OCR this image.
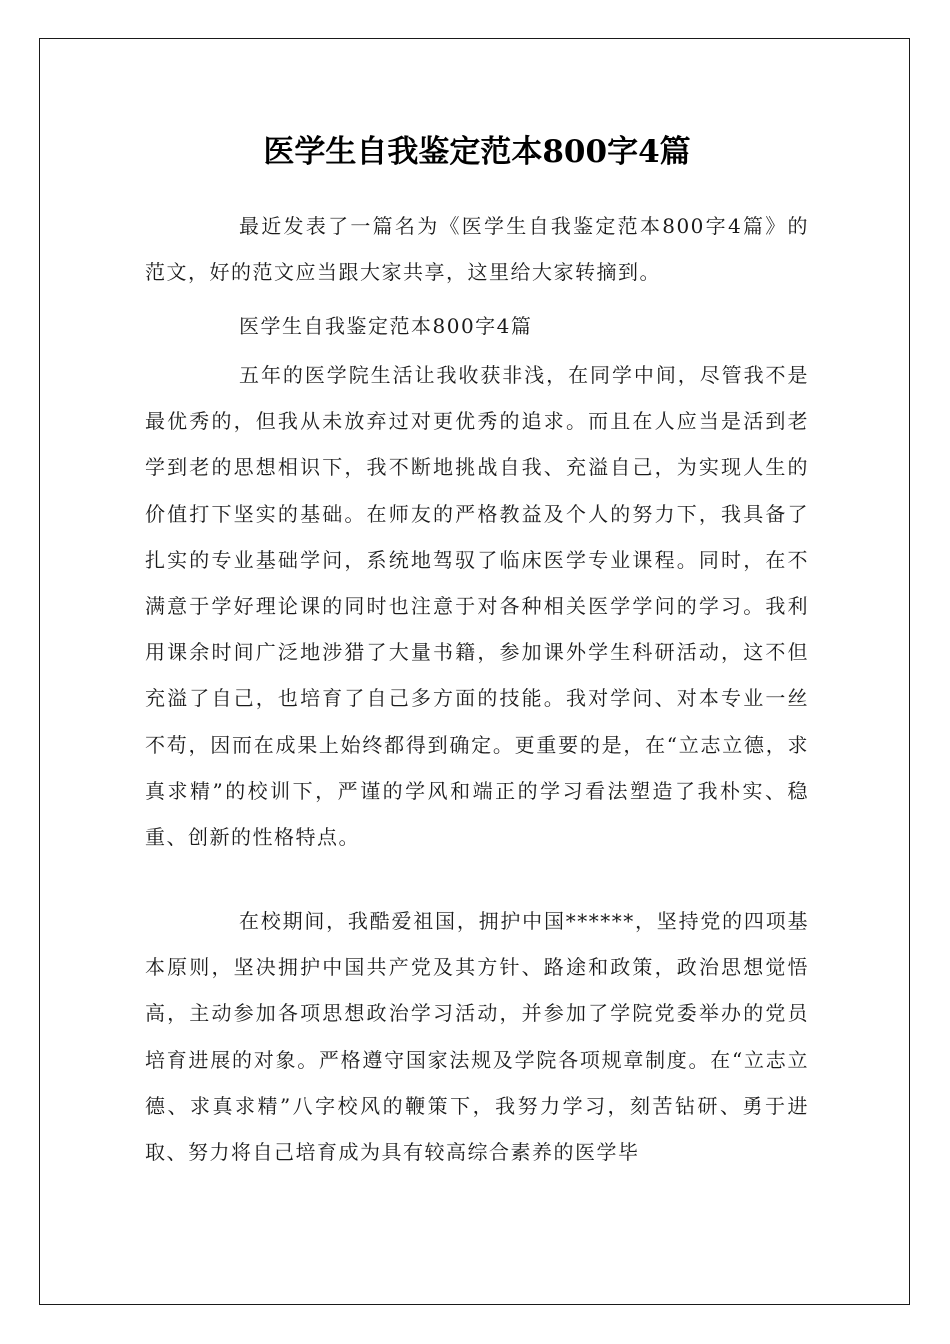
医学生自我鉴定范本800字4篇

最近发表了一篇名为《医学生自我鉴定范本800字4篇》的范文，好的范文应当跟大家共享，这里给大家转摘到。

医学生自我鉴定范本800字4篇

五年的医学院生活让我收获非浅，在同学中间，尽管我不是最优秀的，但我从未放弃过对更优秀的追求。而且在人应当是活到老学到老的思想相识下，我不断地挑战自我、充溢自己，为实现人生的价值打下坚实的基础。在师友的严格教益及个人的努力下，我具备了扎实的专业基础学问，系统地驾驭了临床医学专业课程。同时，在不满意于学好理论课的同时也注意于对各种相关医学学问的学习。我利用课余时间广泛地涉猎了大量书籍，参加课外学生科研活动，这不但充溢了自己，也培育了自己多方面的技能。我对学问、对本专业一丝不苟，因而在成果上始终都得到确定。更重要的是，在“立志立德，求真求精”的校训下，严谨的学风和端正的学习看法塑造了我朴实、稳重、创新的性格特点。

在校期间，我酷爱祖国，拥护中国******，坚持党的四项基本原则，坚决拥护中国共产党及其方针、路途和政策，政治思想觉悟高，主动参加各项思想政治学习活动，并参加了学院党委举办的党员培育进展的对象。严格遵守国家法规及学院各项规章制度。在“立志立德、求真求精”八字校风的鞭策下，我努力学习，刻苦钻研、勇于进取、努力将自己培育成为具有较高综合素养的医学毕
